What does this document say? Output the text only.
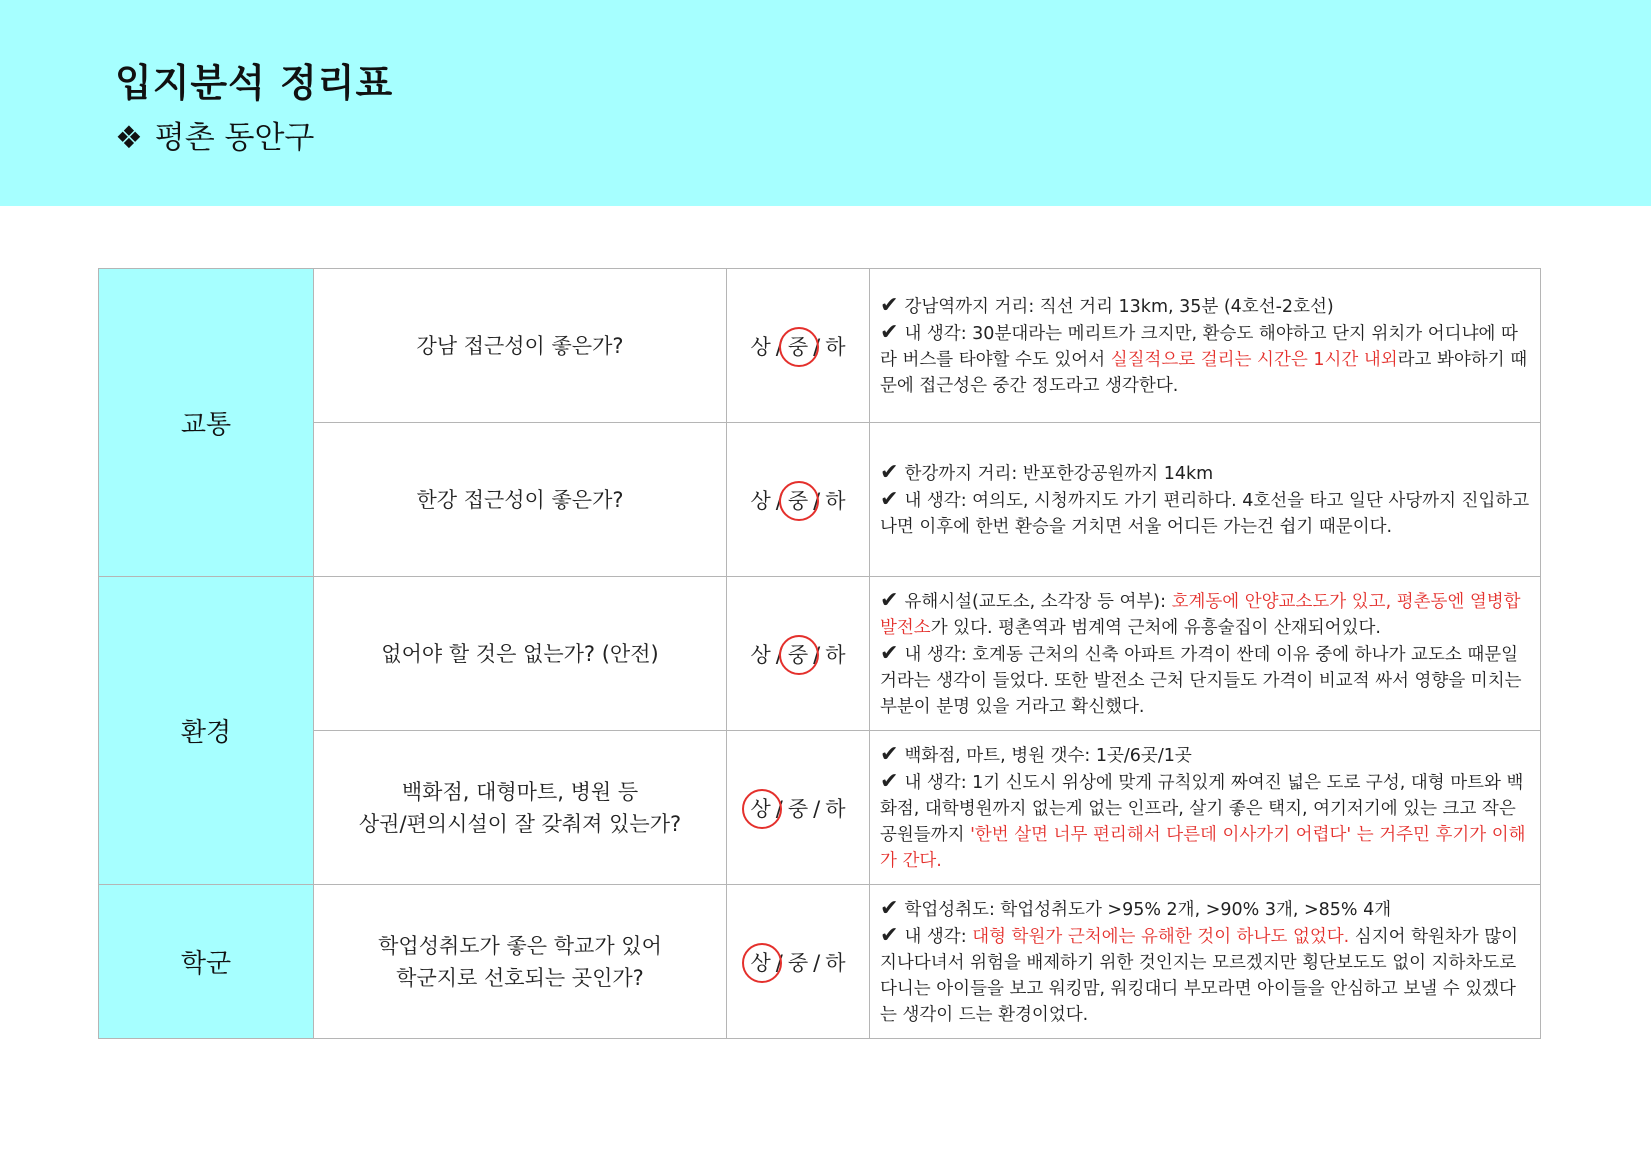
입지분석 정리표
❖ 평촌 동안구
교통	강남 접근성이 좋은가?	상 / 중 / 하	✔ 강남역까지 거리: 직선 거리 13km, 35분 (4호선-2호선)
✔ 내 생각: 30분대라는 메리트가 크지만, 환승도 해야하고 단지 위치가 어디냐에 따라 버스를 타야할 수도 있어서 실질적으로 걸리는 시간은 1시간 내외라고 봐야하기 때문에 접근성은 중간 정도라고 생각한다.

	한강 접근성이 좋은가?	상 / 중 / 하	✔ 한강까지 거리: 반포한강공원까지 14km
✔ 내 생각: 여의도, 시청까지도 가기 편리하다. 4호선을 타고 일단 사당까지 진입하고 나면 이후에 한번 환승을 거치면 서울 어디든 가는건 쉽기 때문이다.

환경	없어야 할 것은 없는가? (안전)	상 / 중 / 하	✔ 유해시설(교도소, 소각장 등 여부): 호계동에 안양교소도가 있고, 평촌동엔 열병합 발전소가 있다. 평촌역과 범계역 근처에 유흥술집이 산재되어있다.
✔ 내 생각: 호계동 근처의 신축 아파트 가격이 싼데 이유 중에 하나가 교도소 때문일거라는 생각이 들었다. 또한 발전소 근처 단지들도 가격이 비교적 싸서 영향을 미치는 부분이 분명 있을 거라고 확신했다.

	백화점, 대형마트, 병원 등
상권/편의시설이 잘 갖춰져 있는가?	상 / 중 / 하	✔ 백화점, 마트, 병원 갯수: 1곳/6곳/1곳
✔ 내 생각: 1기 신도시 위상에 맞게 규칙있게 짜여진 넓은 도로 구성, 대형 마트와 백화점, 대학병원까지 없는게 없는 인프라, 살기 좋은 택지, 여기저기에 있는 크고 작은 공원들까지 '한번 살면 너무 편리해서 다른데 이사가기 어렵다' 는 거주민 후기가 이해가 간다.

학군	학업성취도가 좋은 학교가 있어
학군지로 선호되는 곳인가?	상 / 중 / 하	✔ 학업성취도: 학업성취도가 >95% 2개, >90% 3개, >85% 4개
✔ 내 생각: 대형 학원가 근처에는 유해한 것이 하나도 없었다. 심지어 학원차가 많이 지나다녀서 위험을 배제하기 위한 것인지는 모르겠지만 횡단보도도 없이 지하차도로 다니는 아이들을 보고 워킹맘, 워킹대디 부모라면 아이들을 안심하고 보낼 수 있겠다는 생각이 드는 환경이었다.
